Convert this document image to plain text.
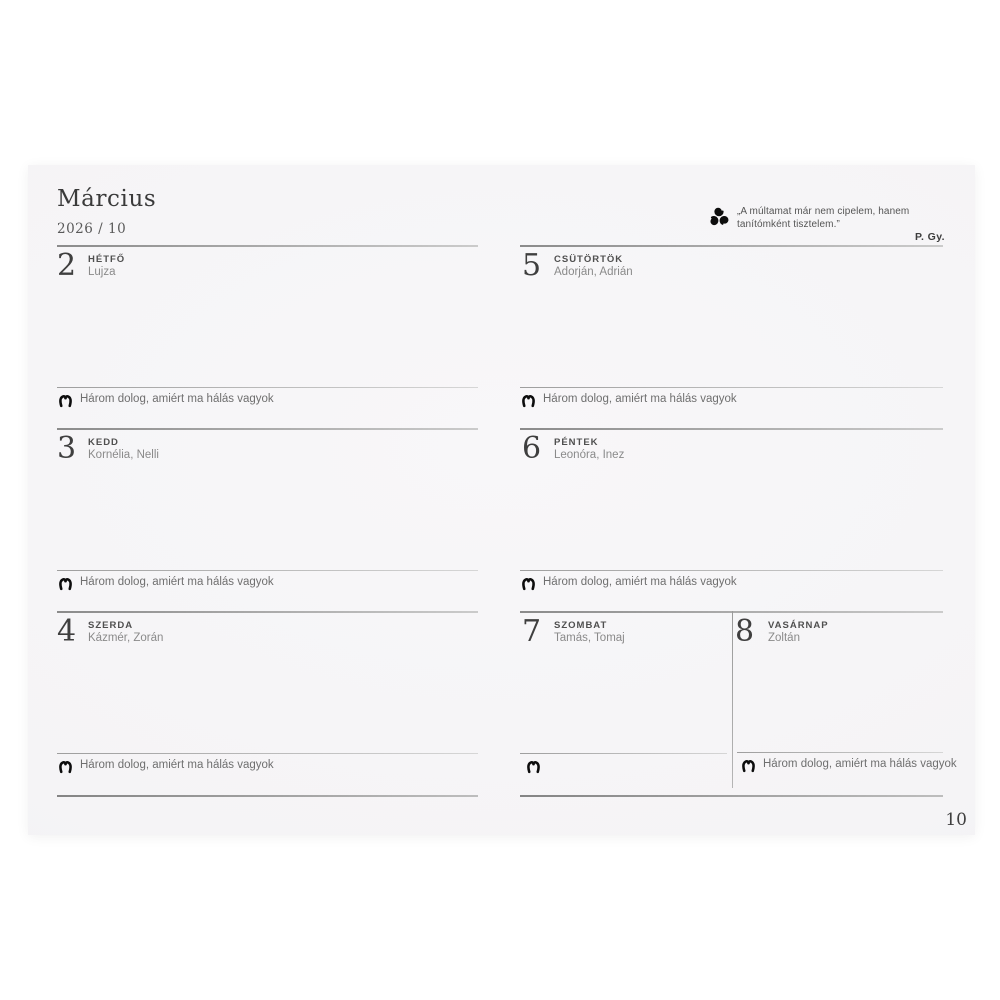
Március
2026 / 10
„A múltamat már nem cipelem, hanem
tanítómként tisztelem.”
P. Gy.
2 HÉTFŐ
Lujza
Három dolog, amiért ma hálás vagyok
3 KEDD
Kornélia, Nelli
Három dolog, amiért ma hálás vagyok
4 SZERDA
Kázmér, Zorán
Három dolog, amiért ma hálás vagyok
5 CSÜTÖRTÖK
Adorján, Adrián
Három dolog, amiért ma hálás vagyok
6 PÉNTEK
Leonóra, Inez
Három dolog, amiért ma hálás vagyok
7 SZOMBAT
Tamás, Tomaj	8 VASÁRNAP
Zoltán
Három dolog, amiért ma hálás vagyok
10
